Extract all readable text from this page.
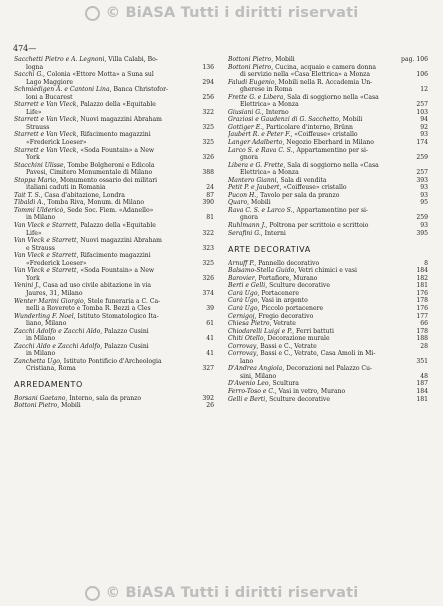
© BiASA Tutti i diritti riservati
474—
Sacchetti Pietro e A. Legnoni, Villa Calabi, Bo-
logna	136
Sacchi G., Colonia «Ettore Motta» a Suna sul
Lago Maggiore	294
Schmiedigen A. e Cantoni Lina, Banca Christofor-
loni a Bucarest	256
Starrett e Van Vleck, Palazzo della «Equitable
Life»	322
Starrett e Van Vleck, Nuovi magazzini Abraham
Strauss	325
Starrett e Van Vleck, Rifacimento magazzini
«Frederick Loeser»	325
Starrett e Van Vleck, «Soda Fountain» a New
York	326
Stacchini Ulisse, Tombe Bolgheroni e Edicola
Pavesi, Cimitero Monumentale di Milano	388
Stoppa Mario, Monumento ossario dei militari
italiani caduti in Romania	24
Tait T. S., Casa d'abitazione, Londra	87
Tibaldi A., Tomba Riva, Monum. di Milano	390
Tommi Uldericò, Sede Soc. Fiem. «Adanello»
in Milano	81
Van Vleck e Starrett, Palazzo della «Equitable
Life»	322
Van Vleck e Starrett, Nuovi magazzini Abraham
e Strauss	323
Van Vleck e Starrett, Rifacimento magazzini
«Frederick Loeser»	325
Van Vleck e Starrett, «Soda Fountain» a New
York	326
Venini J., Casa ad uso civile abitazione in via
Jaures, 31, Milano	374
Wenter Marini Giorgio, Stele funeraria a C. Ca-
nelli a Rovereto e Tomba R. Bezzi a Cles	39
Wunderling F. Noel, Istituto Stomatologico Ita-
liano, Milano	61
Zacchi Adolfo e Zacchi Aldo, Palazzo Cusini
in Milano	41
Zacchi Aldo e Zacchi Adolfo, Palazzo Cusini
in Milano	41
Zanchetta Ugo, Istituto Pontificio d'Archeologia
Cristiana, Roma	327
ARREDAMENTO
Borsani Gaetano, Interno, sala da pranzo	392
Bottoni Pietro, Mobili	26
Bottoni Pietro, Mobili	pag. 106
Bottoni Pietro, Cucina, acquaio e camera donna
di servizio nella «Casa Elettrica» a Monza	106
Faludi Eugenio, Mobili nella R. Accademia Un-
gherese in Roma	12
Frette G. e Libera, Sala di soggiorno nella «Casa
Elettrica» a Monza	257
Giusiani G., Interno	103
Graziosi e Gaudenzi di G. Sacchetto, Mobili	94
Gottiger E., Particolare d'interno, Brünn	92
Jaubert R. e Peter F., «Coiffeuse» cristallo	93
Langer Adalberto, Negozio Eberhard in Milano	174
Larco S. e Rava C. S., Appartamentino per si-
gnora	259
Libera e G. Frette, Sala di soggiorno nella «Casa
Elettrica» a Monza	257
Mantero Gianni, Sala di vendita	393
Petit P. e Jaubert, «Coiffeuse» cristallo	93
Pucon H., Tavolo per sala da pranzo	93
Quaro, Mobili	95
Rava C. S. e Larco S., Appartamentino per si-
gnora	259
Ruhlmann J., Poltrona per scrittoio e scrittoio	93
Serafini G., Interni	395
ARTE DECORATIVA
Arnuff P., Pannello decorativo	8
Balsamo-Stella Guido, Vetri chimici e vasi	184
Barovier, Portafiore, Murano	182
Berti e Gelli, Sculture decorative	181
Carà Ugo, Portacenere	176
Carà Ugo, Vasi in argento	178
Carà Ugo, Piccolo portacenere	176
Cernigoj, Fregio decorativo	177
Chiesa Pietro, Vetrate	66
Chiodarelli Luigi e P., Ferri battuti	178
Chiti Otello, Decorazione murale	188
Corrovay, Bassi e C., Vetrate	28
Corrovay, Bassi e C., Vetrate, Casa Amoli in Mi-
lano	351
D'Andrea Angiola, Decorazioni nel Palazzo Cu-
sini, Milano	48
D'Avenio Leo, Scultura	187
Ferro-Toso e C., Vasi in vetro, Murano	184
Gelli e Berti, Sculture decorative	181
© BiASA Tutti i diritti riservati
